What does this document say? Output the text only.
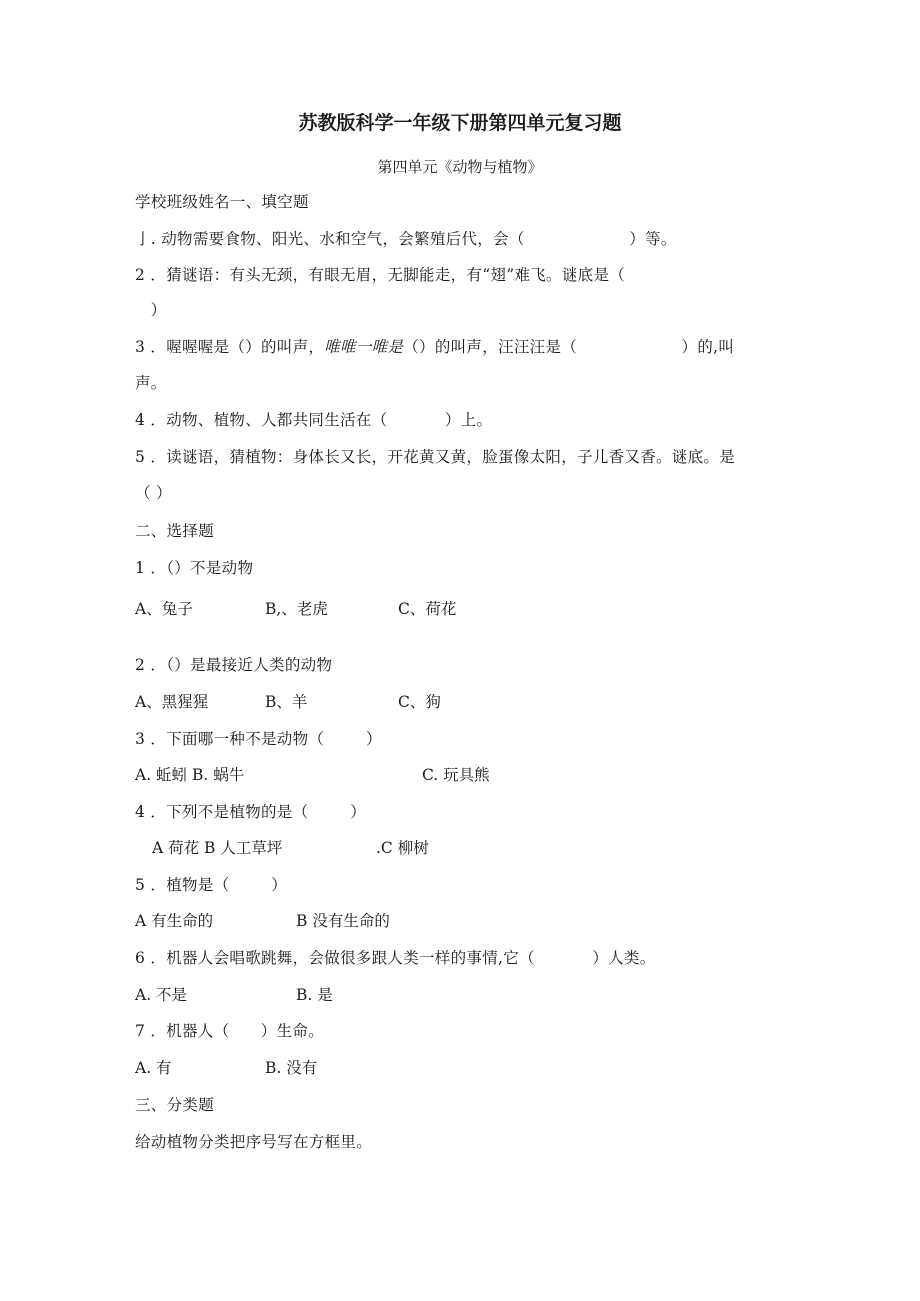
苏教版科学一年级下册第四单元复习题
第四单元《动物与植物》
学校班级姓名一、填空题
亅. 动物需要食物、阳光、水和空气，会繁殖后代，会（                    ）等。
2 ．猜谜语：有头无颈，有眼无眉，无脚能走，有“翅”难飞。谜底是（
）
3 ．喔喔喔是（）的叫声，唯唯一唯是（）的叫声，汪汪汪是（                    ）的,叫
声。
4 ．动物、植物、人都共同生活在（           ）上。
5 ．读谜语，猜植物：身体长又长，开花黄又黄，脸蛋像太阳，子儿香又香。谜底。是
（ ）
二、选择题
1 ．（）不是动物
A、兔子	B,、老虎	C、荷花
2 ．（）是最接近人类的动物
A、黑猩猩	B、羊	C、狗
3 ．下面哪一种不是动物（        ）
A. 蚯蚓 B. 蜗牛	C. 玩具熊
4 ．下列不是植物的是（        ）
A 荷花 B 人工草坪	.C 柳树
5 ．植物是（        ）
A 有生命的	B 没有生命的
6 ．机器人会唱歌跳舞，会做很多跟人类一样的事情,它（           ）人类。
A. 不是	B. 是
7 ．机器人（      ）生命。
A. 有	B. 没有
三、分类题
给动植物分类把序号写在方框里。
